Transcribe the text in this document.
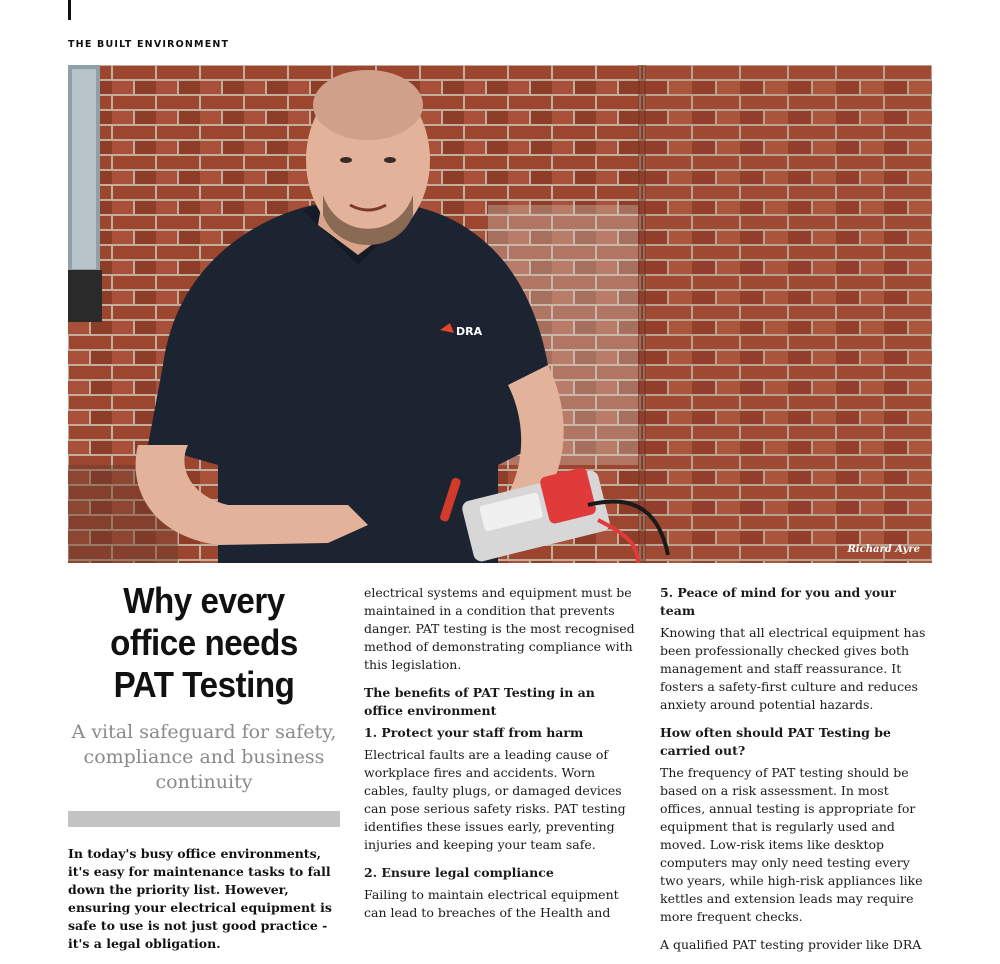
THE BUILT ENVIRONMENT
DRA
Richard Ayre
Why every
office needs
PAT Testing
A vital safeguard for safety, compliance and business continuity
In today's busy office environments, it's easy for maintenance tasks to fall down the priority list. However, ensuring your electrical equipment is safe to use is not just good practice - it's a legal obligation.

electrical systems and equipment must be maintained in a condition that prevents danger. PAT testing is the most recognised method of demonstrating compliance with this legislation.

The benefits of PAT Testing in an office environment
1. Protect your staff from harm

Electrical faults are a leading cause of workplace fires and accidents. Worn cables, faulty plugs, or damaged devices can pose serious safety risks. PAT testing identifies these issues early, preventing injuries and keeping your team safe.

2. Ensure legal compliance

Failing to maintain electrical equipment can lead to breaches of the Health and

5. Peace of mind for you and your team

Knowing that all electrical equipment has been professionally checked gives both management and staff reassurance. It fosters a safety-first culture and reduces anxiety around potential hazards.

How often should PAT Testing be carried out?

The frequency of PAT testing should be based on a risk assessment. In most offices, annual testing is appropriate for equipment that is regularly used and moved. Low-risk items like desktop computers may only need testing every two years, while high-risk appliances like kettles and extension leads may require more frequent checks.

A qualified PAT testing provider like DRA
